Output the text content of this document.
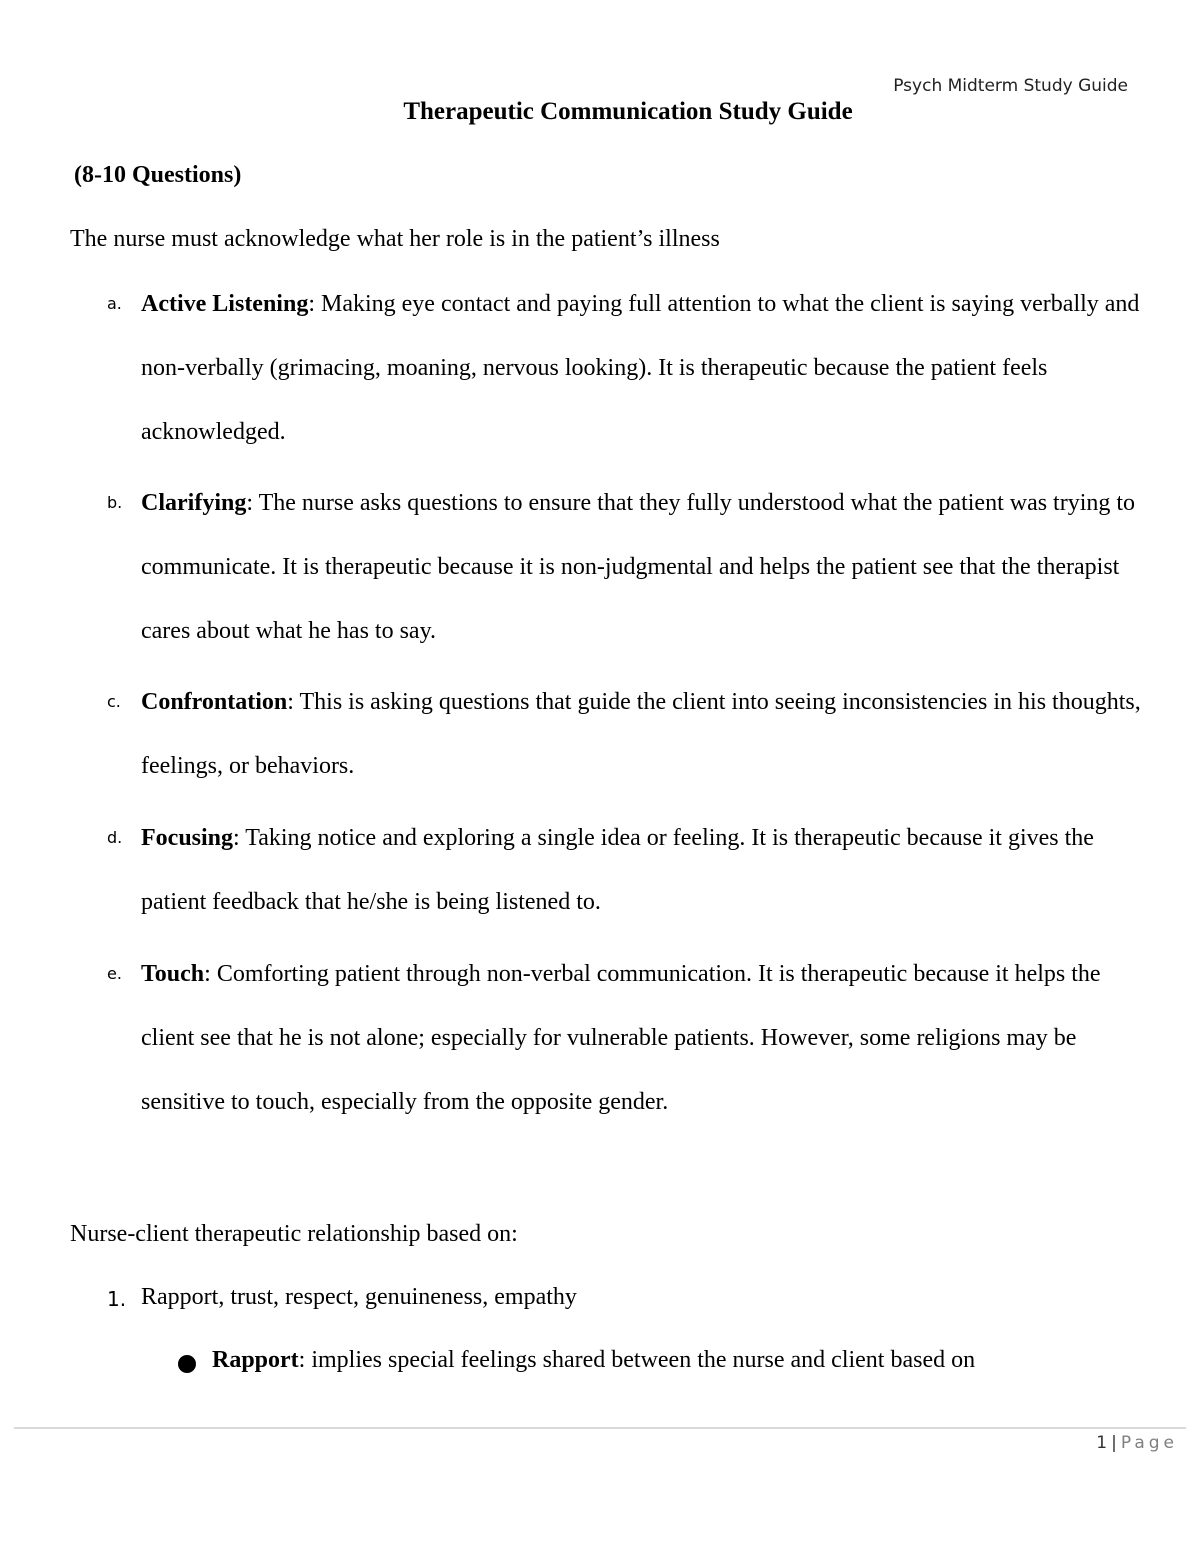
Psych Midterm Study Guide
Therapeutic Communication Study Guide
(8-10 Questions)
The nurse must acknowledge what her role is in the patient’s illness
a. Active Listening: Making eye contact and paying full attention to what the client is saying verbally and non-verbally (grimacing, moaning, nervous looking). It is therapeutic because the patient feels acknowledged.
b. Clarifying: The nurse asks questions to ensure that they fully understood what the patient was trying to communicate. It is therapeutic because it is non-judgmental and helps the patient see that the therapist cares about what he has to say.
c. Confrontation: This is asking questions that guide the client into seeing inconsistencies in his thoughts, feelings, or behaviors.
d. Focusing: Taking notice and exploring a single idea or feeling. It is therapeutic because it gives the patient feedback that he/she is being listened to.
e. Touch: Comforting patient through non-verbal communication. It is therapeutic because it helps the client see that he is not alone; especially for vulnerable patients. However, some religions may be sensitive to touch, especially from the opposite gender.
Nurse-client therapeutic relationship based on:
1. Rapport, trust, respect, genuineness, empathy
Rapport: implies special feelings shared between the nurse and client based on
1 | Page
